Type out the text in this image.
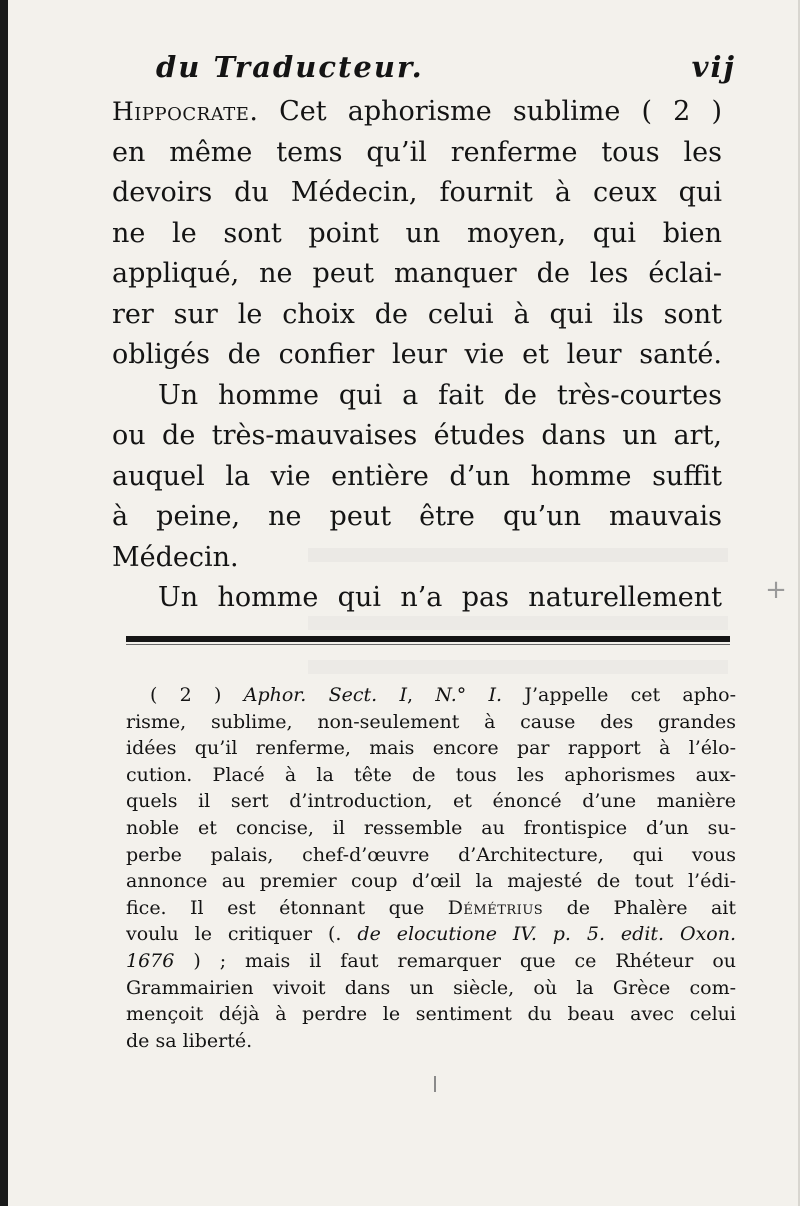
du Traducteur.	vij
Hippocrate. Cet aphorisme sublime ( 2 )
en même tems qu’il renferme tous les
devoirs du Médecin, fournit à ceux qui
ne le sont point un moyen, qui bien
appliqué, ne peut manquer de les éclai-
rer sur le choix de celui à qui ils sont
obligés de confier leur vie et leur santé.
Un homme qui a fait de très-courtes
ou de très-mauvaises études dans un art,
auquel la vie entière d’un homme suffit
à peine, ne peut être qu’un mauvais
Médecin.
Un homme qui n’a pas naturellement	+
( 2 ) Aphor. Sect. I, N.° I. J’appelle cet apho-
risme, sublime, non-seulement à cause des grandes
idées qu’il renferme, mais encore par rapport à l’élo-
cution. Placé à la tête de tous les aphorismes aux-
quels il sert d’introduction, et énoncé d’une manière
noble et concise, il ressemble au frontispice d’un su-
perbe palais, chef-d’œuvre d’Architecture, qui vous
annonce au premier coup d’œil la majesté de tout l’édi-
fice. Il est étonnant que Démétrius de Phalère ait
voulu le critiquer (. de elocutione IV. p. 5. edit. Oxon.
1676 ) ; mais il faut remarquer que ce Rhéteur ou
Grammairien vivoit dans un siècle, où la Grèce com-
mençoit déjà à perdre le sentiment du beau avec celui
de sa liberté.
